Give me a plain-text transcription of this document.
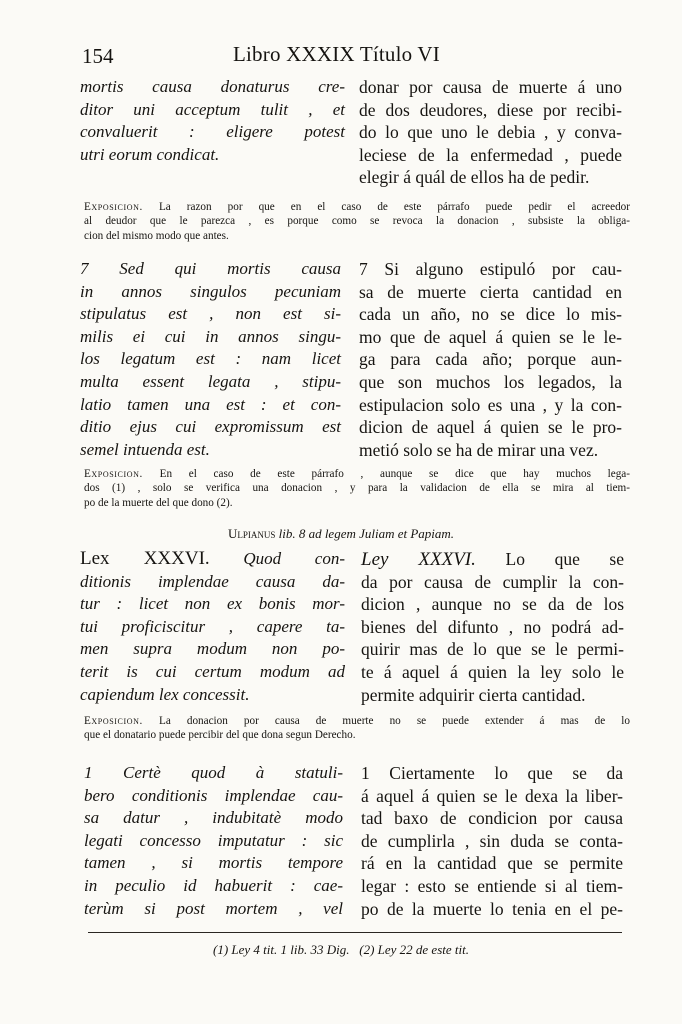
154	Libro XXXIX Título VI
mortis causa donaturus cre-
ditor uni acceptum tulit , et
convaluerit : eligere potest
utri eorum condicat.
donar por causa de muerte á uno
de dos deudores, diese por recibi-
do lo que uno le debia , y conva-
leciese de la enfermedad , puede
elegir á quál de ellos ha de pedir.
Exposicion. La razon por que en el caso de este párrafo puede pedir el acreedor
al deudor que le parezca , es porque como se revoca la donacion , subsiste la obliga-
cion del mismo modo que antes.
7 Sed qui mortis causa
in annos singulos pecuniam
stipulatus est , non est si-
milis ei cui in annos singu-
los legatum est : nam licet
multa essent legata , stipu-
latio tamen una est : et con-
ditio ejus cui expromissum est
semel intuenda est.
7 Si alguno estipuló por cau-
sa de muerte cierta cantidad en
cada un año, no se dice lo mis-
mo que de aquel á quien se le le-
ga para cada año; porque aun-
que son muchos los legados, la
estipulacion solo es una , y la con-
dicion de aquel á quien se le pro-
metió solo se ha de mirar una vez.
Exposicion. En el caso de este párrafo , aunque se dice que hay muchos lega-
dos (1) , solo se verifica una donacion , y para la validacion de ella se mira al tiem-
po de la muerte del que dono (2).
Ulpianus lib. 8 ad legem Juliam et Papiam.
Lex XXXVI. Quod con-
ditionis implendae causa da-
tur : licet non ex bonis mor-
tui proficiscitur , capere ta-
men supra modum non po-
terit is cui certum modum ad
capiendum lex concessit.
Ley XXXVI. Lo que se
da por causa de cumplir la con-
dicion , aunque no se da de los
bienes del difunto , no podrá ad-
quirir mas de lo que se le permi-
te á aquel á quien la ley solo le
permite adquirir cierta cantidad.
Exposicion. La donacion por causa de muerte no se puede extender á mas de lo
que el donatario puede percibir del que dona segun Derecho.
1 Certè quod à statuli-
bero conditionis implendae cau-
sa datur , indubitatè modo
legati concesso imputatur : sic
tamen , si mortis tempore
in peculio id habuerit : cae-
terùm si post mortem , vel
1 Ciertamente lo que se da
á aquel á quien se le dexa la liber-
tad baxo de condicion por causa
de cumplirla , sin duda se conta-
rá en la cantidad que se permite
legar : esto se entiende si al tiem-
po de la muerte lo tenia en el pe-
(1) Ley 4 tit. 1 lib. 33 Dig.   (2) Ley 22 de este tit.
